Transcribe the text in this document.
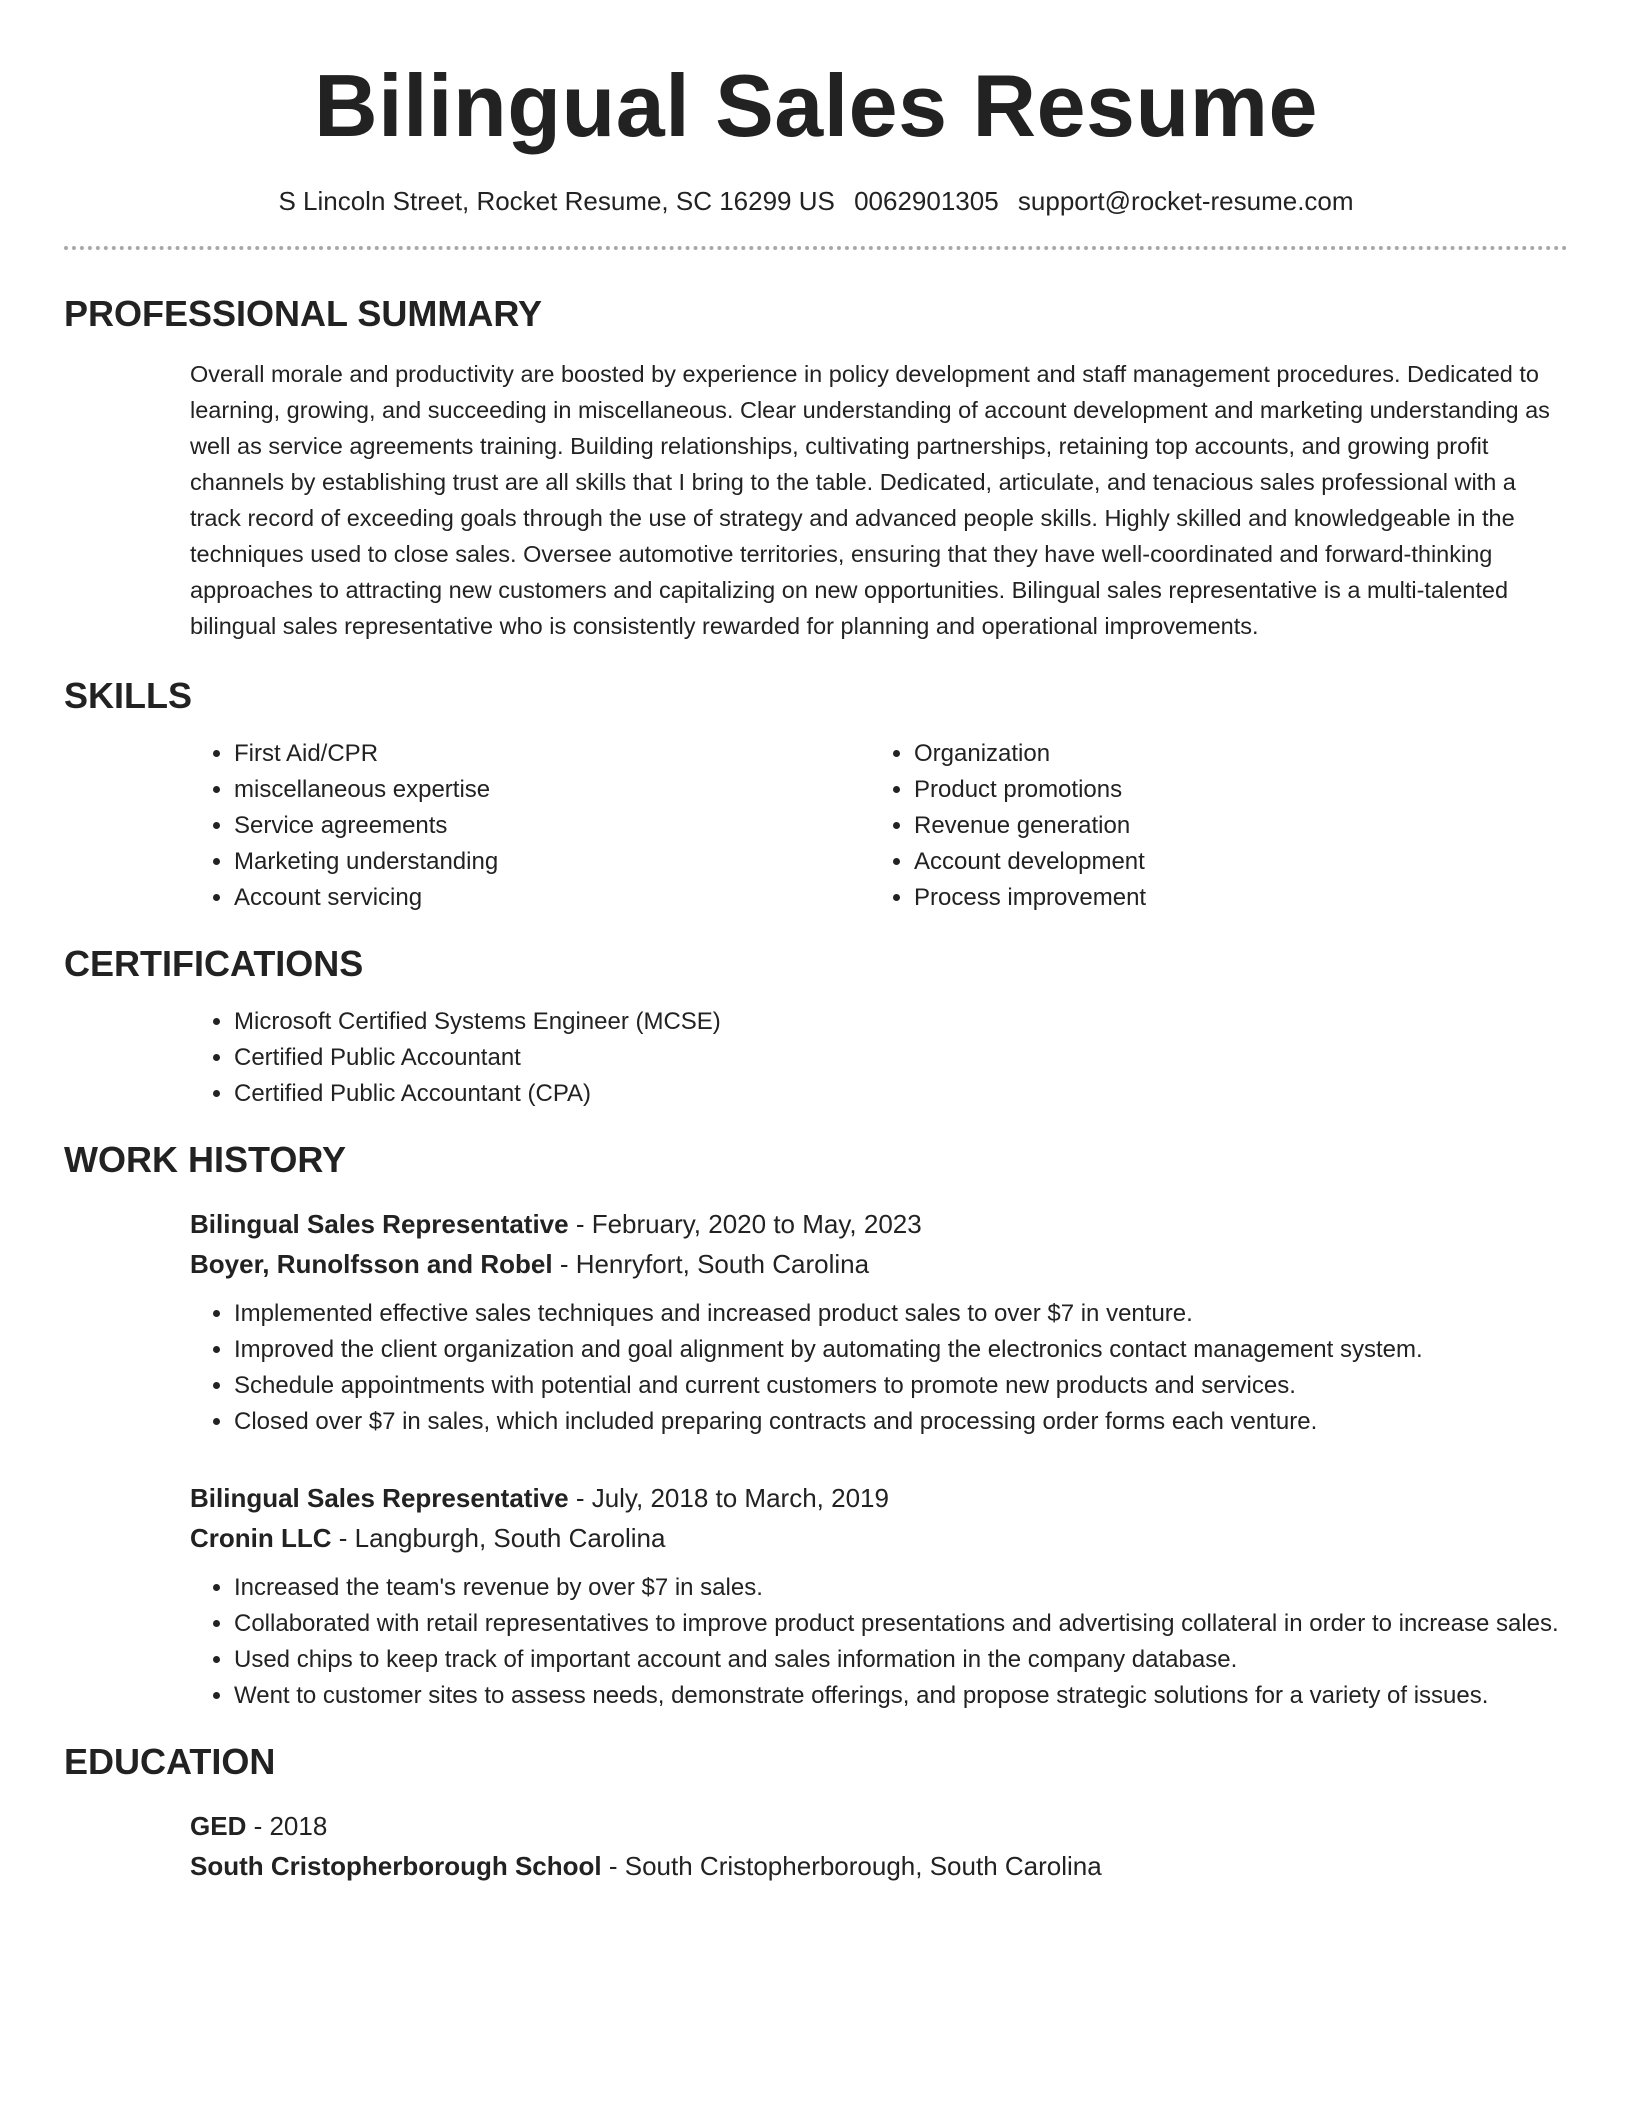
Bilingual Sales Resume
S Lincoln Street, Rocket Resume, SC 16299 US 0062901305 support@rocket-resume.com
PROFESSIONAL SUMMARY

Overall morale and productivity are boosted by experience in policy development and staff management procedures. Dedicated to learning, growing, and succeeding in miscellaneous. Clear understanding of account development and marketing understanding as well as service agreements training. Building relationships, cultivating partnerships, retaining top accounts, and growing profit channels by establishing trust are all skills that I bring to the table. Dedicated, articulate, and tenacious sales professional with a track record of exceeding goals through the use of strategy and advanced people skills. Highly skilled and knowledgeable in the techniques used to close sales. Oversee automotive territories, ensuring that they have well-coordinated and forward-thinking approaches to attracting new customers and capitalizing on new opportunities. Bilingual sales representative is a multi-talented bilingual sales representative who is consistently rewarded for planning and operational improvements.

SKILLS
• First Aid/CPR
• miscellaneous expertise
• Service agreements
• Marketing understanding
• Account servicing
• Organization
• Product promotions
• Revenue generation
• Account development
• Process improvement
CERTIFICATIONS
• Microsoft Certified Systems Engineer (MCSE)
• Certified Public Accountant
• Certified Public Accountant (CPA)
WORK HISTORY
Bilingual Sales Representative - February, 2020 to May, 2023
Boyer, Runolfsson and Robel - Henryfort, South Carolina
• Implemented effective sales techniques and increased product sales to over $7 in venture.
• Improved the client organization and goal alignment by automating the electronics contact management system.
• Schedule appointments with potential and current customers to promote new products and services.
• Closed over $7 in sales, which included preparing contracts and processing order forms each venture.
Bilingual Sales Representative - July, 2018 to March, 2019
Cronin LLC - Langburgh, South Carolina
• Increased the team's revenue by over $7 in sales.
• Collaborated with retail representatives to improve product presentations and advertising collateral in order to increase sales.
• Used chips to keep track of important account and sales information in the company database.
• Went to customer sites to assess needs, demonstrate offerings, and propose strategic solutions for a variety of issues.
EDUCATION
GED - 2018
South Cristopherborough School - South Cristopherborough, South Carolina
